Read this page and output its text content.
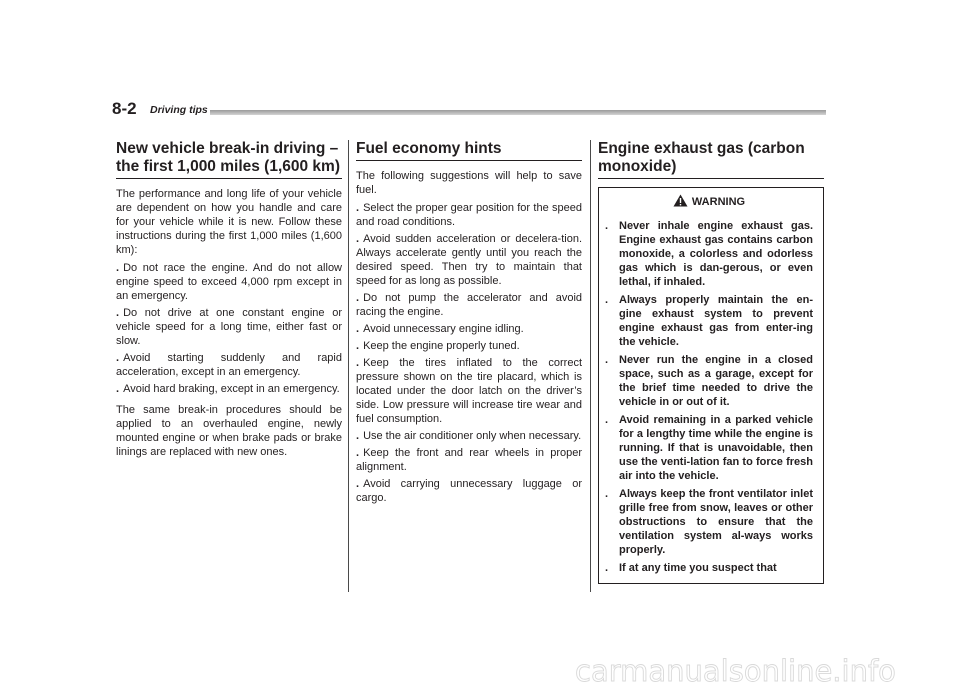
8-2 Driving tips
New vehicle break-in driving – the first 1,000 miles (1,600 km)

The performance and long life of your vehicle are dependent on how you handle and care for your vehicle while it is new. Follow these instructions during the first 1,000 miles (1,600 km):

. Do not race the engine. And do not allow engine speed to exceed 4,000 rpm except in an emergency.

. Do not drive at one constant engine or vehicle speed for a long time, either fast or slow.

. Avoid starting suddenly and rapid acceleration, except in an emergency.

. Avoid hard braking, except in an emergency.

The same break-in procedures should be applied to an overhauled engine, newly mounted engine or when brake pads or brake linings are replaced with new ones.

Fuel economy hints

The following suggestions will help to save fuel.

. Select the proper gear position for the speed and road conditions.

. Avoid sudden acceleration or decelera-tion. Always accelerate gently until you reach the desired speed. Then try to maintain that speed for as long as possible.

. Do not pump the accelerator and avoid racing the engine.

. Avoid unnecessary engine idling.

. Keep the engine properly tuned.

. Keep the tires inflated to the correct pressure shown on the tire placard, which is located under the door latch on the driver’s side. Low pressure will increase tire wear and fuel consumption.

. Use the air conditioner only when necessary.

. Keep the front and rear wheels in proper alignment.

. Avoid carrying unnecessary luggage or cargo.

Engine exhaust gas (carbon monoxide)
WARNING
. Never inhale engine exhaust gas. Engine exhaust gas contains carbon monoxide, a colorless and odorless gas which is dan-gerous, or even lethal, if inhaled.
. Always properly maintain the en-gine exhaust system to prevent engine exhaust gas from enter-ing the vehicle.
. Never run the engine in a closed space, such as a garage, except for the brief time needed to drive the vehicle in or out of it.
. Avoid remaining in a parked vehicle for a lengthy time while the engine is running. If that is unavoidable, then use the venti-lation fan to force fresh air into the vehicle.
. Always keep the front ventilator inlet grille free from snow, leaves or other obstructions to ensure that the ventilation system al-ways works properly.
. If at any time you suspect that
carmanualsonline.info
